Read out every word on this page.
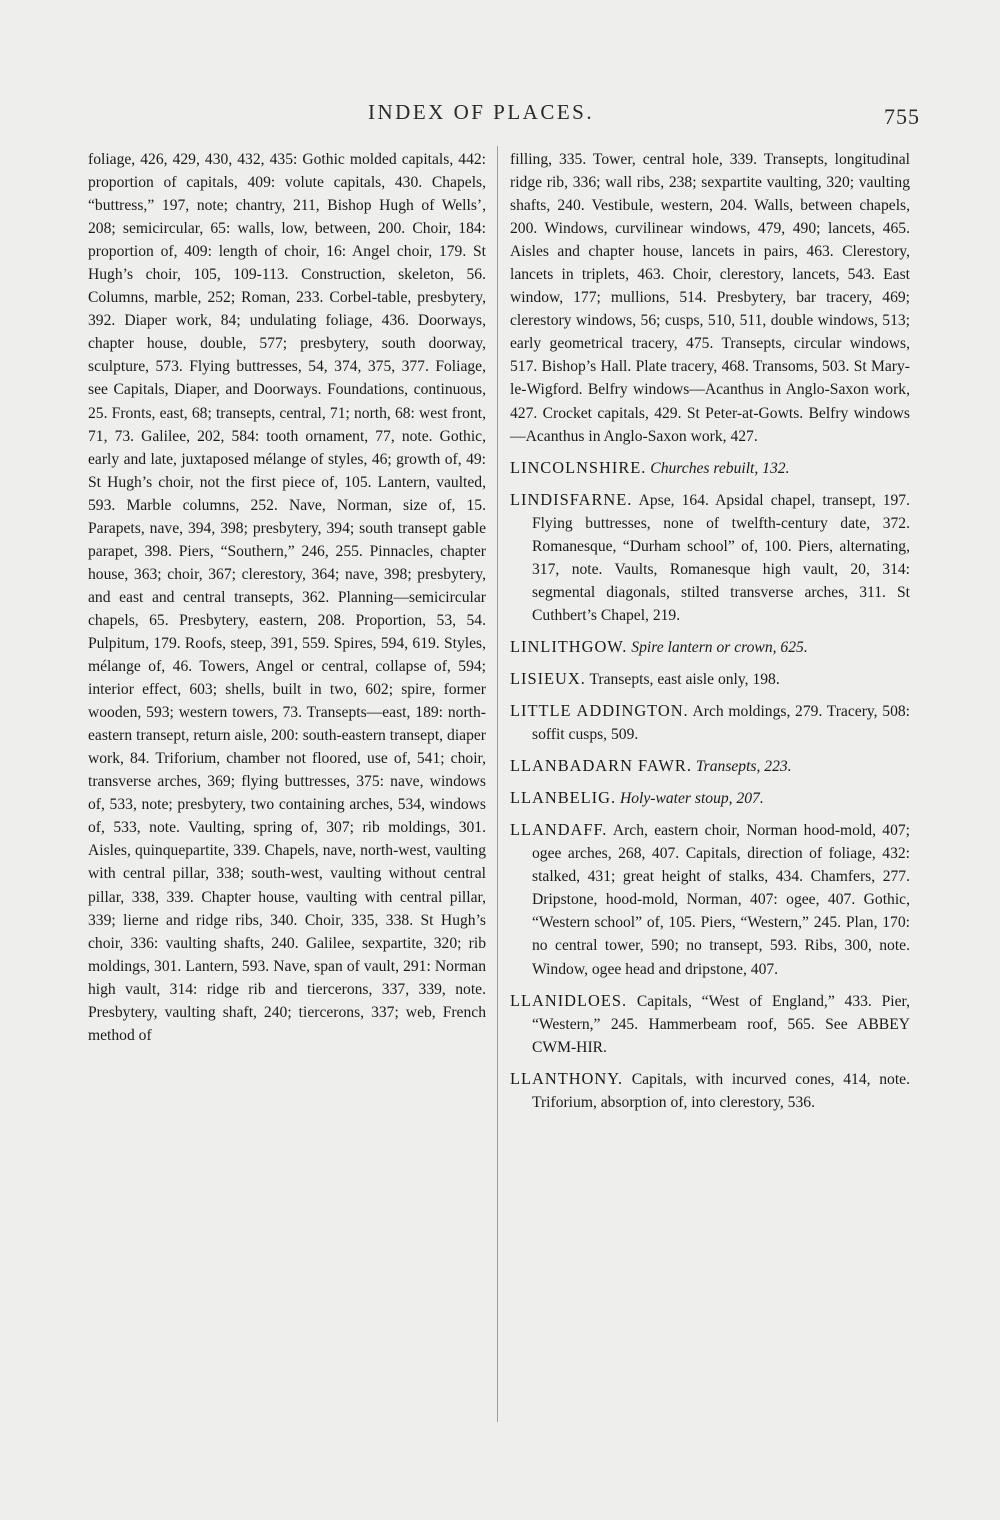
INDEX OF PLACES.	755

foliage, 426, 429, 430, 432, 435: Gothic molded capitals, 442: proportion of capitals, 409: volute capitals, 430. Chapels, “buttress,” 197, note; chantry, 211, Bishop Hugh of Wells’, 208; semicircular, 65: walls, low, between, 200. Choir, 184: proportion of, 409: length of choir, 16: Angel choir, 179. St Hugh’s choir, 105, 109-113. Construction, skeleton, 56. Columns, marble, 252; Roman, 233. Corbel-table, presbytery, 392. Diaper work, 84; undulating foliage, 436. Doorways, chapter house, double, 577; presbytery, south doorway, sculpture, 573. Flying buttresses, 54, 374, 375, 377. Foliage, see Capitals, Diaper, and Doorways. Foundations, continuous, 25. Fronts, east, 68; transepts, central, 71; north, 68: west front, 71, 73. Galilee, 202, 584: tooth ornament, 77, note. Gothic, early and late, juxtaposed mélange of styles, 46; growth of, 49: St Hugh’s choir, not the first piece of, 105. Lantern, vaulted, 593. Marble columns, 252. Nave, Norman, size of, 15. Parapets, nave, 394, 398; presbytery, 394; south transept gable parapet, 398. Piers, “Southern,” 246, 255. Pinnacles, chapter house, 363; choir, 367; clerestory, 364; nave, 398; presbytery, and east and central transepts, 362. Planning—semicircular chapels, 65. Presbytery, eastern, 208. Proportion, 53, 54. Pulpitum, 179. Roofs, steep, 391, 559. Spires, 594, 619. Styles, mélange of, 46. Towers, Angel or central, collapse of, 594; interior effect, 603; shells, built in two, 602; spire, former wooden, 593; western towers, 73. Transepts—east, 189: north-eastern transept, return aisle, 200: south-eastern transept, diaper work, 84. Triforium, chamber not floored, use of, 541; choir, transverse arches, 369; flying buttresses, 375: nave, windows of, 533, note; presbytery, two containing arches, 534, windows of, 533, note. Vaulting, spring of, 307; rib moldings, 301. Aisles, quinquepartite, 339. Chapels, nave, north-west, vaulting with central pillar, 338; south-west, vaulting without central pillar, 338, 339. Chapter house, vaulting with central pillar, 339; lierne and ridge ribs, 340. Choir, 335, 338. St Hugh’s choir, 336: vaulting shafts, 240. Galilee, sexpartite, 320; rib moldings, 301. Lantern, 593. Nave, span of vault, 291: Norman high vault, 314: ridge rib and tiercerons, 337, 339, note. Presbytery, vaulting shaft, 240; tiercerons, 337; web, French method of

filling, 335. Tower, central hole, 339. Transepts, longitudinal ridge rib, 336; wall ribs, 238; sexpartite vaulting, 320; vaulting shafts, 240. Vestibule, western, 204. Walls, between chapels, 200. Windows, curvilinear windows, 479, 490; lancets, 465. Aisles and chapter house, lancets in pairs, 463. Clerestory, lancets in triplets, 463. Choir, clerestory, lancets, 543. East window, 177; mullions, 514. Presbytery, bar tracery, 469; clerestory windows, 56; cusps, 510, 511, double windows, 513; early geometrical tracery, 475. Transepts, circular windows, 517. Bishop’s Hall. Plate tracery, 468. Transoms, 503. St Mary-le-Wigford. Belfry windows—Acanthus in Anglo-Saxon work, 427. Crocket capitals, 429. St Peter-at-Gowts. Belfry windows—Acanthus in Anglo-Saxon work, 427.

LINCOLNSHIRE. Churches rebuilt, 132.

LINDISFARNE. Apse, 164. Apsidal chapel, transept, 197. Flying buttresses, none of twelfth-century date, 372. Romanesque, “Durham school” of, 100. Piers, alternating, 317, note. Vaults, Romanesque high vault, 20, 314: segmental diagonals, stilted transverse arches, 311. St Cuthbert’s Chapel, 219.

LINLITHGOW. Spire lantern or crown, 625.

LISIEUX. Transepts, east aisle only, 198.

LITTLE ADDINGTON. Arch moldings, 279. Tracery, 508: soffit cusps, 509.

LLANBADARN FAWR. Transepts, 223.

LLANBELIG. Holy-water stoup, 207.

LLANDAFF. Arch, eastern choir, Norman hood-mold, 407; ogee arches, 268, 407. Capitals, direction of foliage, 432: stalked, 431; great height of stalks, 434. Chamfers, 277. Dripstone, hood-mold, Norman, 407: ogee, 407. Gothic, “Western school” of, 105. Piers, “Western,” 245. Plan, 170: no central tower, 590; no transept, 593. Ribs, 300, note. Window, ogee head and dripstone, 407.

LLANIDLOES. Capitals, “West of England,” 433. Pier, “Western,” 245. Hammerbeam roof, 565. See ABBEY CWM-HIR.

LLANTHONY. Capitals, with incurved cones, 414, note. Triforium, absorption of, into clerestory, 536.
